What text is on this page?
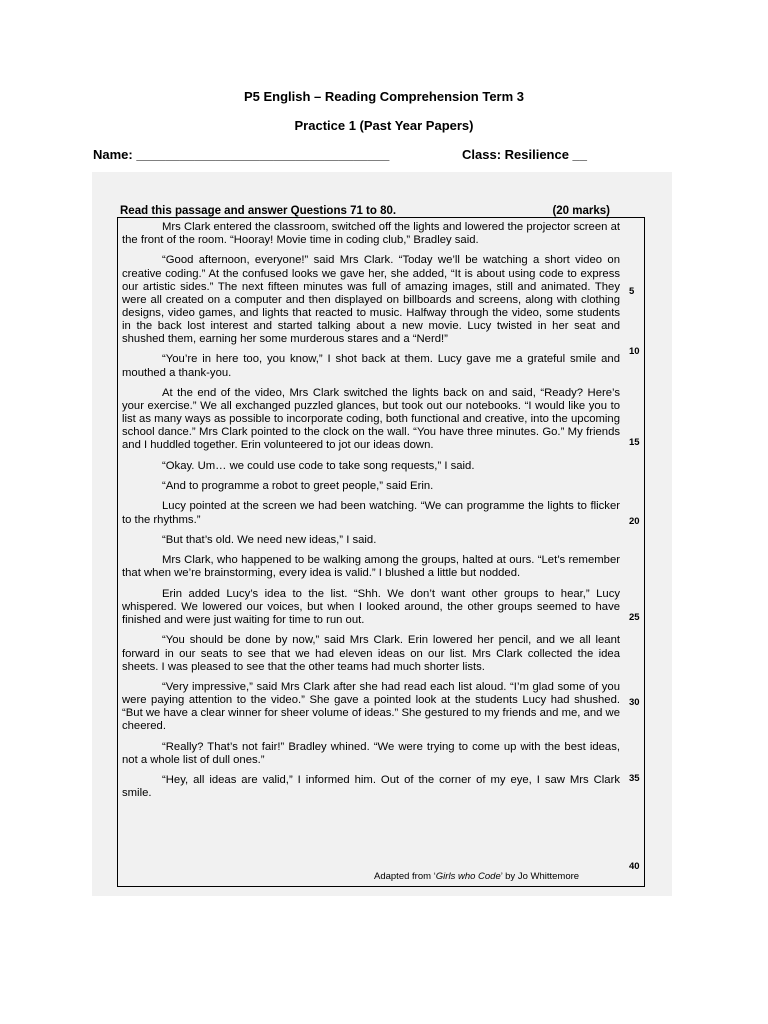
P5 English – Reading Comprehension Term 3
Practice 1 (Past Year Papers)
Name: ___________________________________	Class: Resilience __
Read this passage and answer Questions 71 to 80.	(20 marks)

Mrs Clark entered the classroom, switched off the lights and lowered the projector screen at the front of the room. “Hooray! Movie time in coding club,” Bradley said.

“Good afternoon, everyone!” said Mrs Clark. “Today we’ll be watching a short video on creative coding.” At the confused looks we gave her, she added, “It is about using code to express our artistic sides.” The next fifteen minutes was full of amazing images, still and animated. They were all created on a computer and then displayed on billboards and screens, along with clothing designs, video games, and lights that reacted to music. Halfway through the video, some students in the back lost interest and started talking about a new movie. Lucy twisted in her seat and shushed them, earning her some murderous stares and a “Nerd!”

“You’re in here too, you know,” I shot back at them. Lucy gave me a grateful smile and mouthed a thank-you.

At the end of the video, Mrs Clark switched the lights back on and said, “Ready? Here’s your exercise.” We all exchanged puzzled glances, but took out our notebooks. “I would like you to list as many ways as possible to incorporate coding, both functional and creative, into the upcoming school dance.” Mrs Clark pointed to the clock on the wall. “You have three minutes. Go.” My friends and I huddled together. Erin volunteered to jot our ideas down.

“Okay. Um… we could use code to take song requests,” I said.

“And to programme a robot to greet people,” said Erin.

Lucy pointed at the screen we had been watching. “We can programme the lights to flicker to the rhythms.”

“But that’s old. We need new ideas,” I said.

Mrs Clark, who happened to be walking among the groups, halted at ours. “Let’s remember that when we’re brainstorming, every idea is valid.” I blushed a little but nodded.

Erin added Lucy’s idea to the list. “Shh. We don’t want other groups to hear,” Lucy whispered. We lowered our voices, but when I looked around, the other groups seemed to have finished and were just waiting for time to run out.

“You should be done by now,” said Mrs Clark. Erin lowered her pencil, and we all leant forward in our seats to see that we had eleven ideas on our list. Mrs Clark collected the idea sheets. I was pleased to see that the other teams had much shorter lists.

“Very impressive,” said Mrs Clark after she had read each list aloud. “I’m glad some of you were paying attention to the video.” She gave a pointed look at the students Lucy had shushed. “But we have a clear winner for sheer volume of ideas.” She gestured to my friends and me, and we cheered.

“Really? That’s not fair!” Bradley whined. “We were trying to come up with the best ideas, not a whole list of dull ones.”

“Hey, all ideas are valid,” I informed him. Out of the corner of my eye, I saw Mrs Clark smile.

5
10
15
20
25
30
35
40
Adapted from ‘Girls who Code’ by Jo Whittemore
